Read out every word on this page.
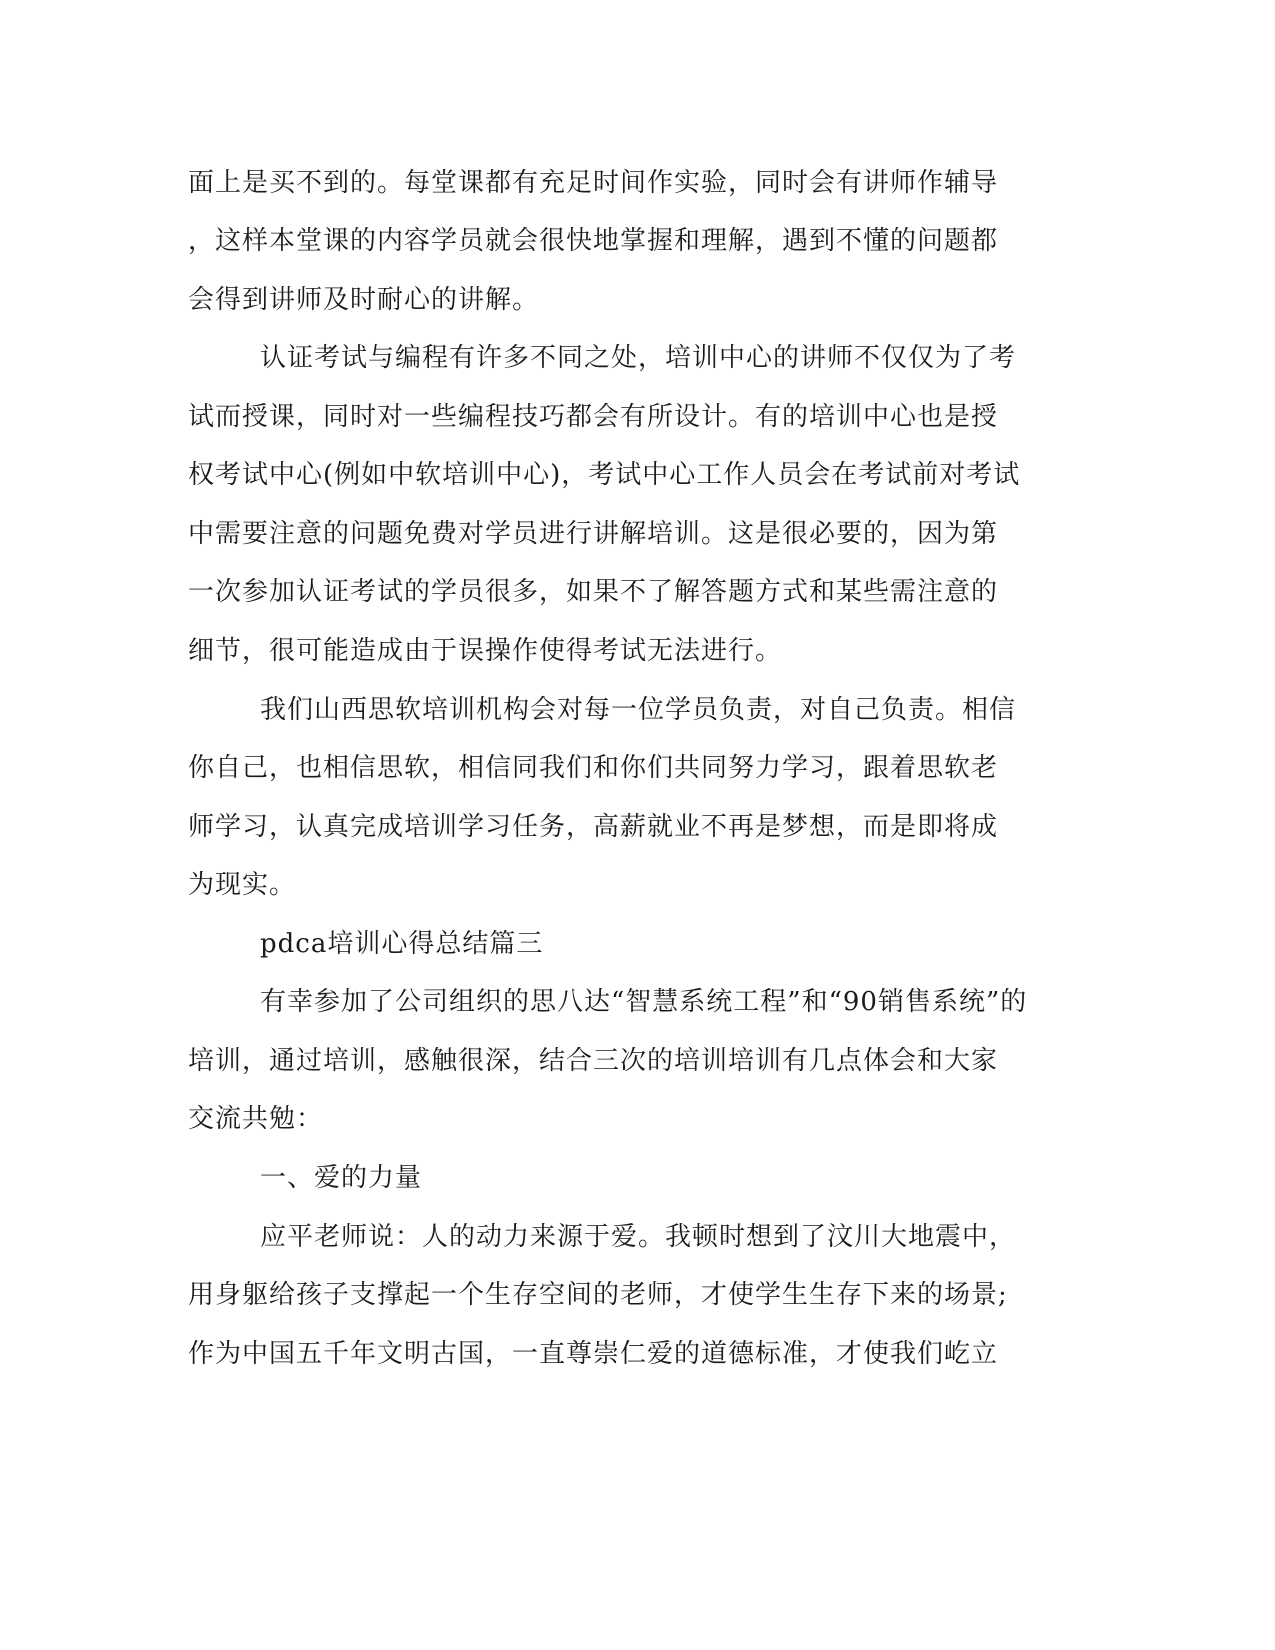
面上是买不到的。每堂课都有充足时间作实验，同时会有讲师作辅导

，这样本堂课的内容学员就会很快地掌握和理解，遇到不懂的问题都

会得到讲师及时耐心的讲解。

认证考试与编程有许多不同之处，培训中心的讲师不仅仅为了考

试而授课，同时对一些编程技巧都会有所设计。有的培训中心也是授

权考试中心(例如中软培训中心)，考试中心工作人员会在考试前对考试

中需要注意的问题免费对学员进行讲解培训。这是很必要的，因为第

一次参加认证考试的学员很多，如果不了解答题方式和某些需注意的

细节，很可能造成由于误操作使得考试无法进行。

我们山西思软培训机构会对每一位学员负责，对自己负责。相信

你自己，也相信思软，相信同我们和你们共同努力学习，跟着思软老

师学习，认真完成培训学习任务，高薪就业不再是梦想，而是即将成

为现实。

pdca培训心得总结篇三

有幸参加了公司组织的思八达“智慧系统工程”和“90销售系统”的

培训，通过培训，感触很深，结合三次的培训培训有几点体会和大家

交流共勉：

一、爱的力量

应平老师说：人的动力来源于爱。我顿时想到了汶川大地震中，

用身躯给孩子支撑起一个生存空间的老师，才使学生生存下来的场景;

作为中国五千年文明古国，一直尊崇仁爱的道德标准，才使我们屹立
